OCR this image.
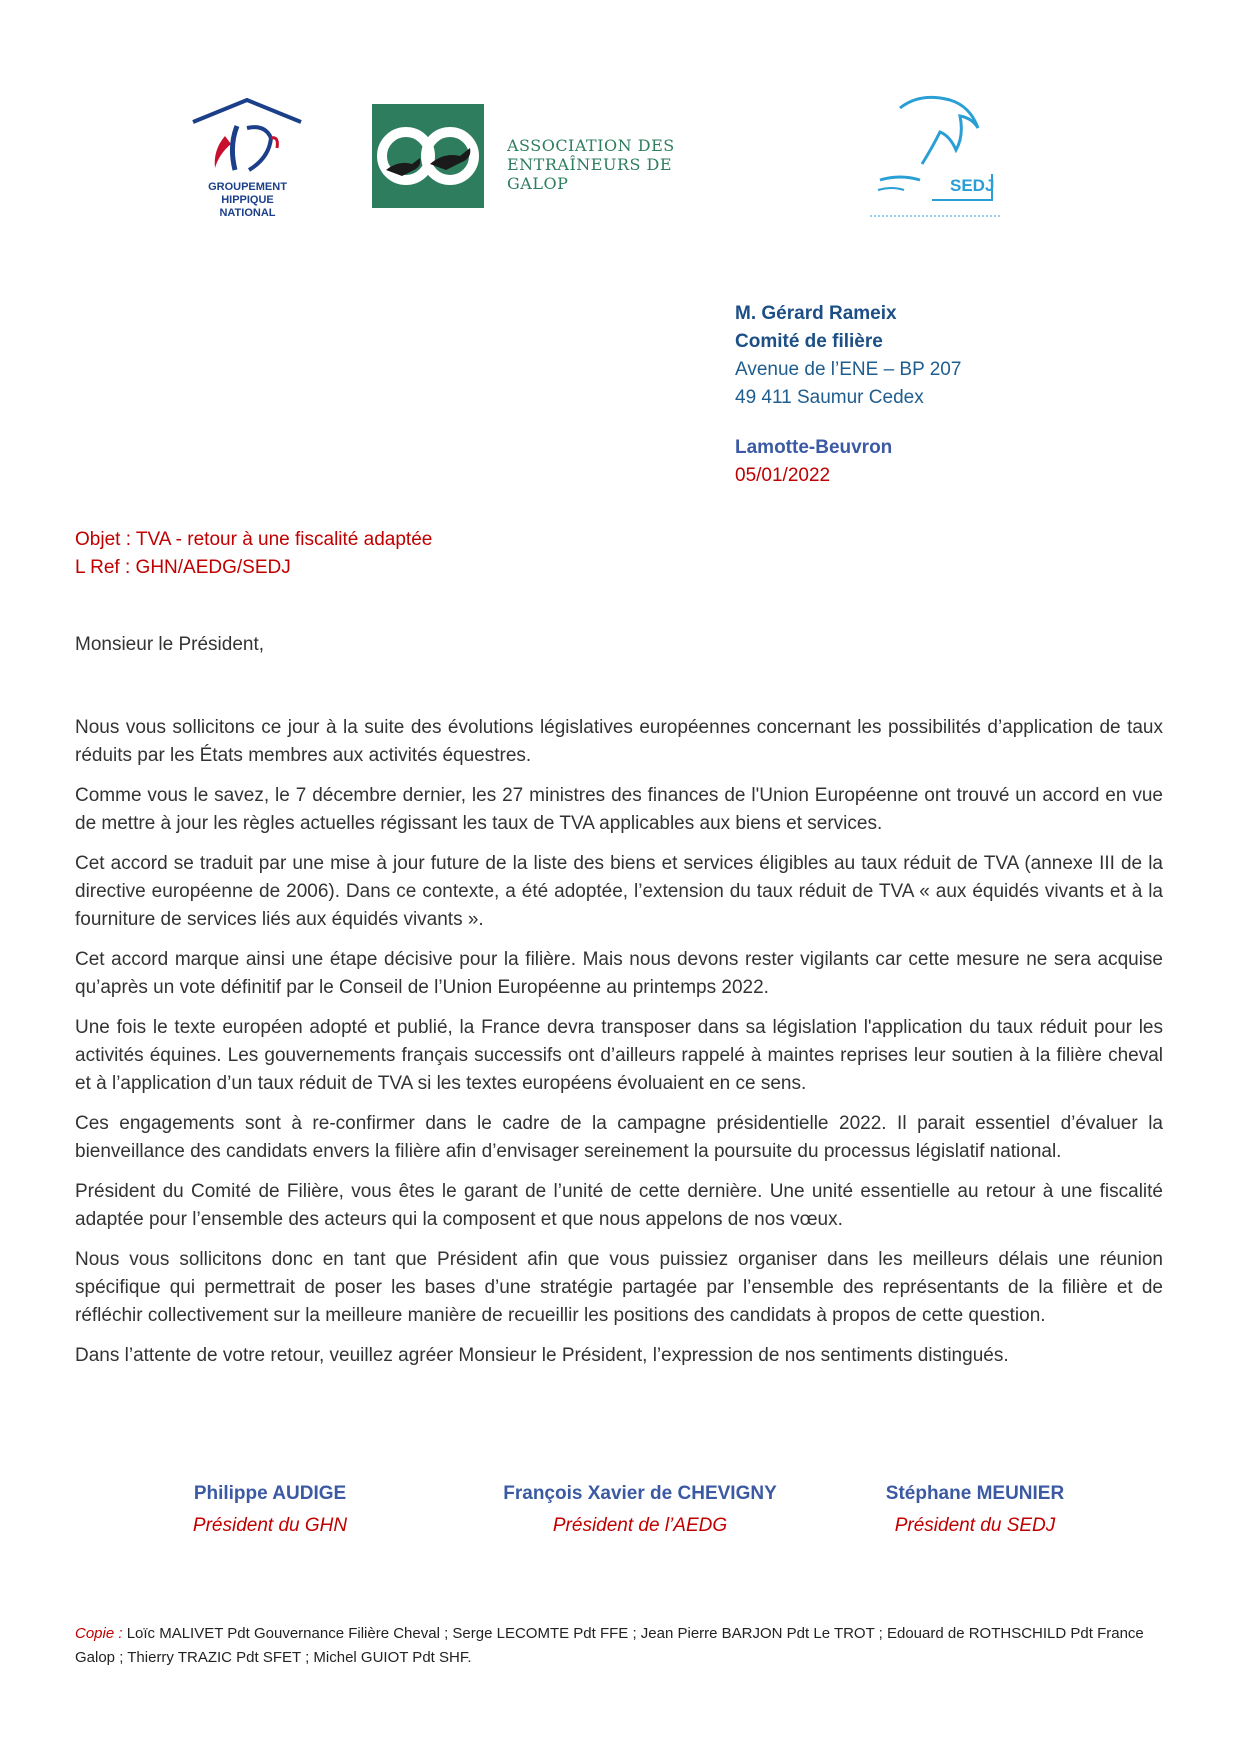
GROUPEMENT
HIPPIQUE
NATIONAL
ASSOCIATION DES
ENTRAÎNEURS DE GALOP	SEDJ
M. Gérard Rameix
Comité de filière
Avenue de l’ENE – BP 207
49 411 Saumur Cedex
Lamotte-Beuvron
05/01/2022
Objet : TVA - retour à une fiscalité adaptée
L Ref : GHN/AEDG/SEDJ
Monsieur le Président,

Nous vous sollicitons ce jour à la suite des évolutions législatives européennes concernant les possibilités d’application de taux réduits par les États membres aux activités équestres.

Comme vous le savez, le 7 décembre dernier, les 27 ministres des finances de l'Union Européenne ont trouvé un accord en vue de mettre à jour les règles actuelles régissant les taux de TVA applicables aux biens et services.

Cet accord se traduit par une mise à jour future de la liste des biens et services éligibles au taux réduit de TVA (annexe III de la directive européenne de 2006). Dans ce contexte, a été adoptée, l’extension du taux réduit de TVA « aux équidés vivants et à la fourniture de services liés aux équidés vivants ».

Cet accord marque ainsi une étape décisive pour la filière. Mais nous devons rester vigilants car cette mesure ne sera acquise qu’après un vote définitif par le Conseil de l’Union Européenne au printemps 2022.

Une fois le texte européen adopté et publié, la France devra transposer dans sa législation l'application du taux réduit pour les activités équines. Les gouvernements français successifs ont d’ailleurs rappelé à maintes reprises leur soutien à la filière cheval et à l’application d’un taux réduit de TVA si les textes européens évoluaient en ce sens.

Ces engagements sont à re-confirmer dans le cadre de la campagne présidentielle 2022. Il parait essentiel d’évaluer la bienveillance des candidats envers la filière afin d’envisager sereinement la poursuite du processus législatif national.

Président du Comité de Filière, vous êtes le garant de l’unité de cette dernière. Une unité essentielle au retour à une fiscalité adaptée pour l’ensemble des acteurs qui la composent et que nous appelons de nos vœux.

Nous vous sollicitons donc en tant que Président afin que vous puissiez organiser dans les meilleurs délais une réunion spécifique qui permettrait de poser les bases d’une stratégie partagée par l’ensemble des représentants de la filière et de réfléchir collectivement sur la meilleure manière de recueillir les positions des candidats à propos de cette question.

Dans l’attente de votre retour, veuillez agréer Monsieur le Président, l’expression de nos sentiments distingués.

Philippe AUDIGE
Président du GHN
François Xavier de CHEVIGNY
Président de l’AEDG
Stéphane MEUNIER
Président du SEDJ
Copie : Loïc MALIVET Pdt Gouvernance Filière Cheval ; Serge LECOMTE Pdt FFE ; Jean Pierre BARJON Pdt Le TROT ; Edouard de ROTHSCHILD Pdt France Galop ; Thierry TRAZIC Pdt SFET ; Michel GUIOT Pdt SHF.
